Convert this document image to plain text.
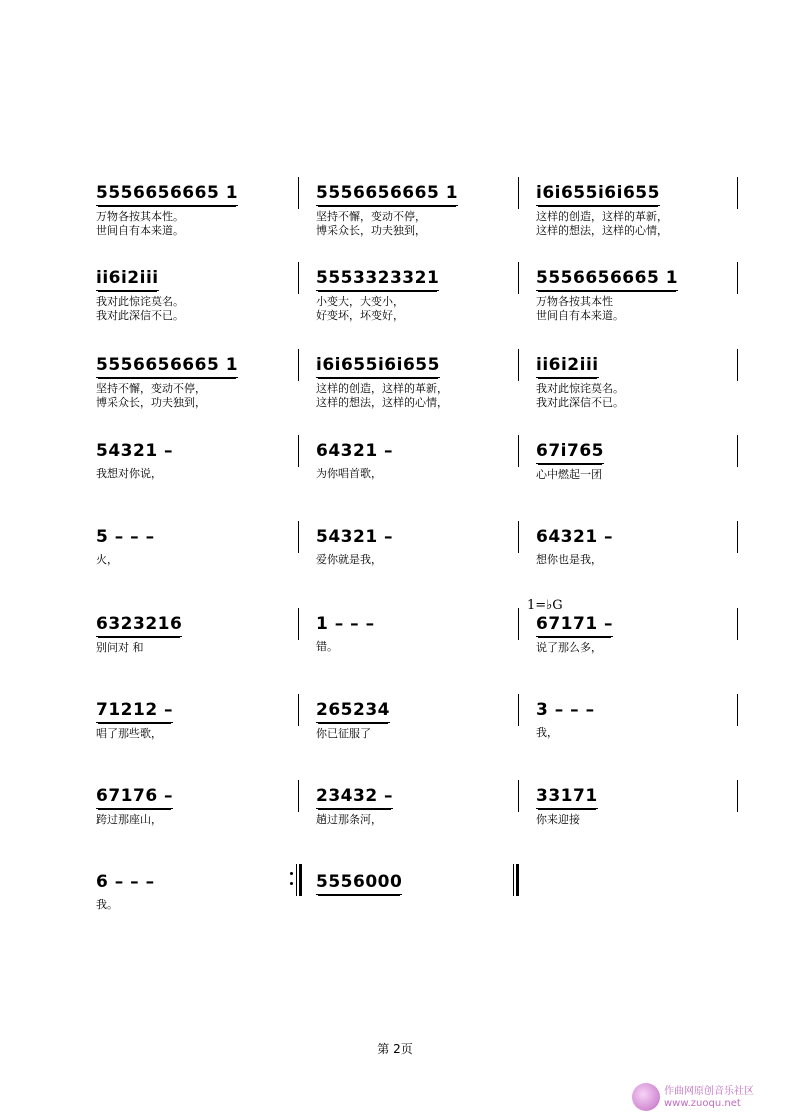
5556656665 1
万物各按其本性。
世间自有本来道。
5556656665 1
坚持不懈，变动不停，
博采众长，功夫独到，
i6i655i6i655
这样的创造，这样的革新，
这样的想法，这样的心情，
ii6i2iii
我对此惊诧莫名。
我对此深信不已。
5553323321
小变大，大变小，
好变坏，坏变好，
5556656665 1
万物各按其本性
世间自有本来道。
5556656665 1
坚持不懈，变动不停，
博采众长，功夫独到，
i6i655i6i655
这样的创造，这样的革新，
这样的想法，这样的心情，
ii6i2iii
我对此惊诧莫名。
我对此深信不已。
54321 –
我想对你说，
64321 –
为你唱首歌，
67i765
心中燃起一团
5 – – –
火，
54321 –
爱你就是我，
64321 –
想你也是我，
6323216
别问对 和
1 – – –
错。
67171 –
说了那么多，
71212 –
唱了那些歌，
265234
你已征服了
3 – – –
我，
67176 –
跨过那座山，
23432 –
趟过那条河，
33171
你来迎接
6 – – –
我。
5556000
1=♭G
第 2页
作曲网原创音乐社区
www.zuoqu.net
